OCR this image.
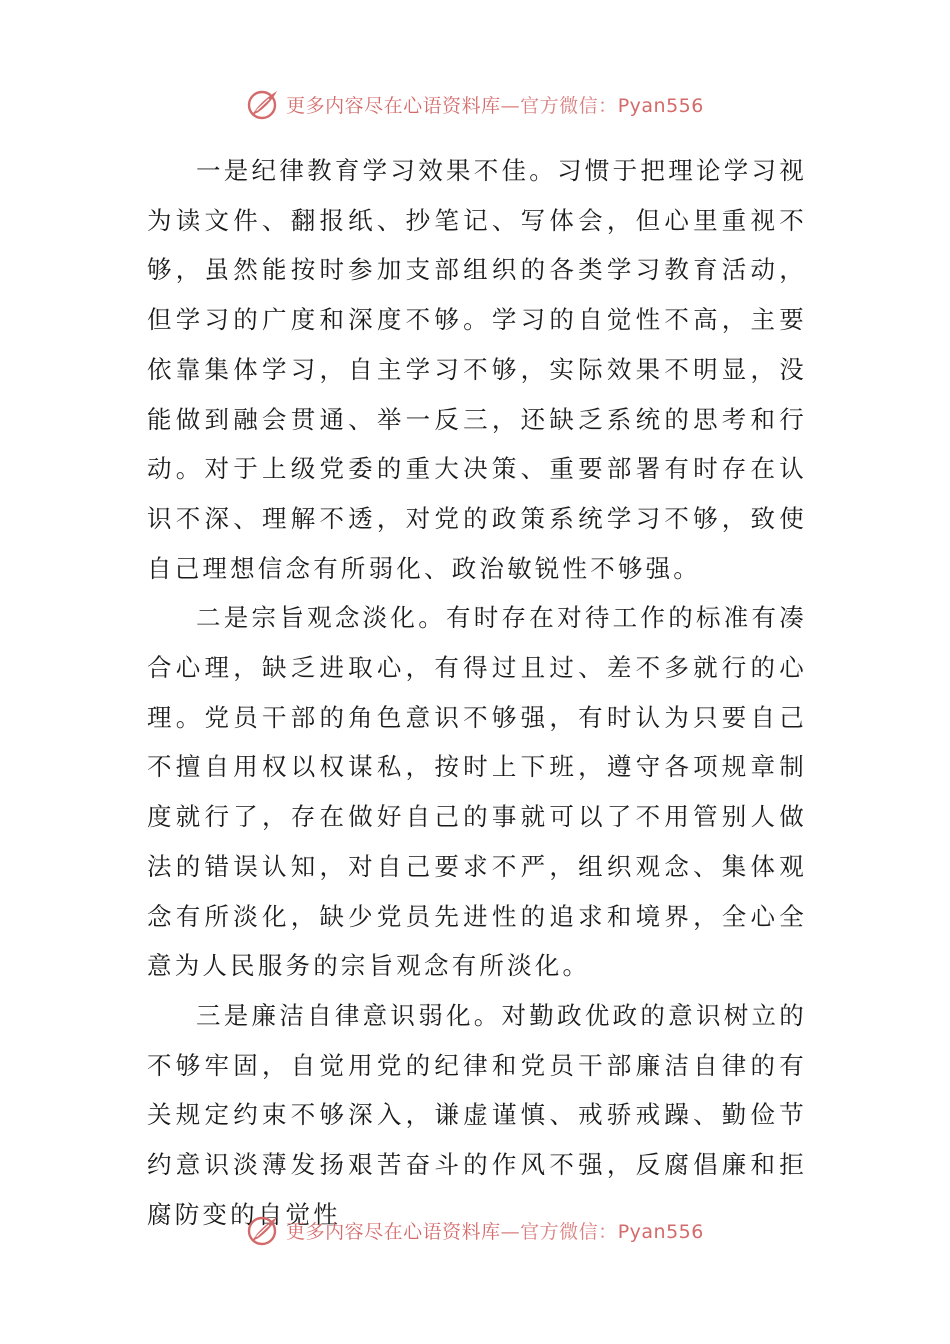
更多内容尽在心语资料库—官方微信：Pyan556

一是纪律教育学习效果不佳。习惯于把理论学习视为读文件、翻报纸、抄笔记、写体会，但心里重视不够，虽然能按时参加支部组织的各类学习教育活动，但学习的广度和深度不够。学习的自觉性不高，主要依靠集体学习，自主学习不够，实际效果不明显，没能做到融会贯通、举一反三，还缺乏系统的思考和行动。对于上级党委的重大决策、重要部署有时存在认识不深、理解不透，对党的政策系统学习不够，致使自己理想信念有所弱化、政治敏锐性不够强。

二是宗旨观念淡化。有时存在对待工作的标准有凑合心理，缺乏进取心，有得过且过、差不多就行的心理。党员干部的角色意识不够强，有时认为只要自己不擅自用权以权谋私，按时上下班，遵守各项规章制度就行了，存在做好自己的事就可以了不用管别人做法的错误认知，对自己要求不严，组织观念、集体观念有所淡化，缺少党员先进性的追求和境界，全心全意为人民服务的宗旨观念有所淡化。

三是廉洁自律意识弱化。对勤政优政的意识树立的不够牢固，自觉用党的纪律和党员干部廉洁自律的有关规定约束不够深入，谦虚谨慎、戒骄戒躁、勤俭节约意识淡薄发扬艰苦奋斗的作风不强，反腐倡廉和拒腐防变的自觉性

更多内容尽在心语资料库—官方微信：Pyan556
